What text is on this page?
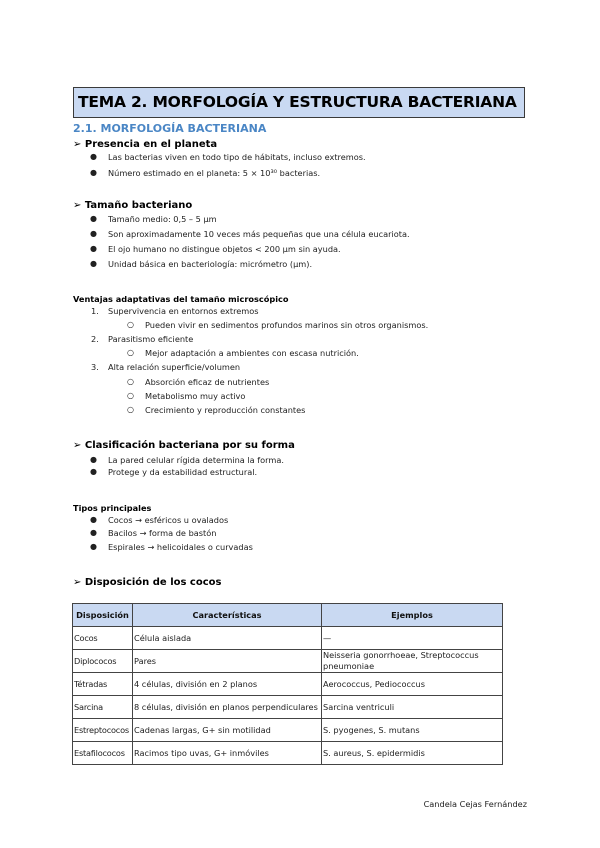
TEMA 2. MORFOLOGÍA Y ESTRUCTURA BACTERIANA
2.1. MORFOLOGÍA BACTERIANA
➢ Presencia en el planeta
● Las bacterias viven en todo tipo de hábitats, incluso extremos.
● Número estimado en el planeta: 5 × 10³⁰ bacterias.
➢ Tamaño bacteriano
● Tamaño medio: 0,5 – 5 µm
● Son aproximadamente 10 veces más pequeñas que una célula eucariota.
● El ojo humano no distingue objetos < 200 µm sin ayuda.
● Unidad básica en bacteriología: micrómetro (µm).
Ventajas adaptativas del tamaño microscópico
1. Supervivencia en entornos extremos
○ Pueden vivir en sedimentos profundos marinos sin otros organismos.
2. Parasitismo eficiente
○ Mejor adaptación a ambientes con escasa nutrición.
3. Alta relación superficie/volumen
○ Absorción eficaz de nutrientes
○ Metabolismo muy activo
○ Crecimiento y reproducción constantes
➢ Clasificación bacteriana por su forma
● La pared celular rígida determina la forma.
● Protege y da estabilidad estructural.
Tipos principales
● Cocos → esféricos u ovalados
● Bacilos → forma de bastón
● Espirales → helicoidales o curvadas
➢ Disposición de los cocos
Disposición	Características	Ejemplos
Cocos	Célula aislada	—
Diplococos	Pares	Neisseria gonorrhoeae, Streptococcus pneumoniae
Tétradas	4 células, división en 2 planos	Aerococcus, Pediococcus
Sarcina	8 células, división en planos perpendiculares	Sarcina ventriculi
Estreptococos	Cadenas largas, G+ sin motilidad	S. pyogenes, S. mutans
Estafilococos	Racimos tipo uvas, G+ inmóviles	S. aureus, S. epidermidis
Candela Cejas Fernández
